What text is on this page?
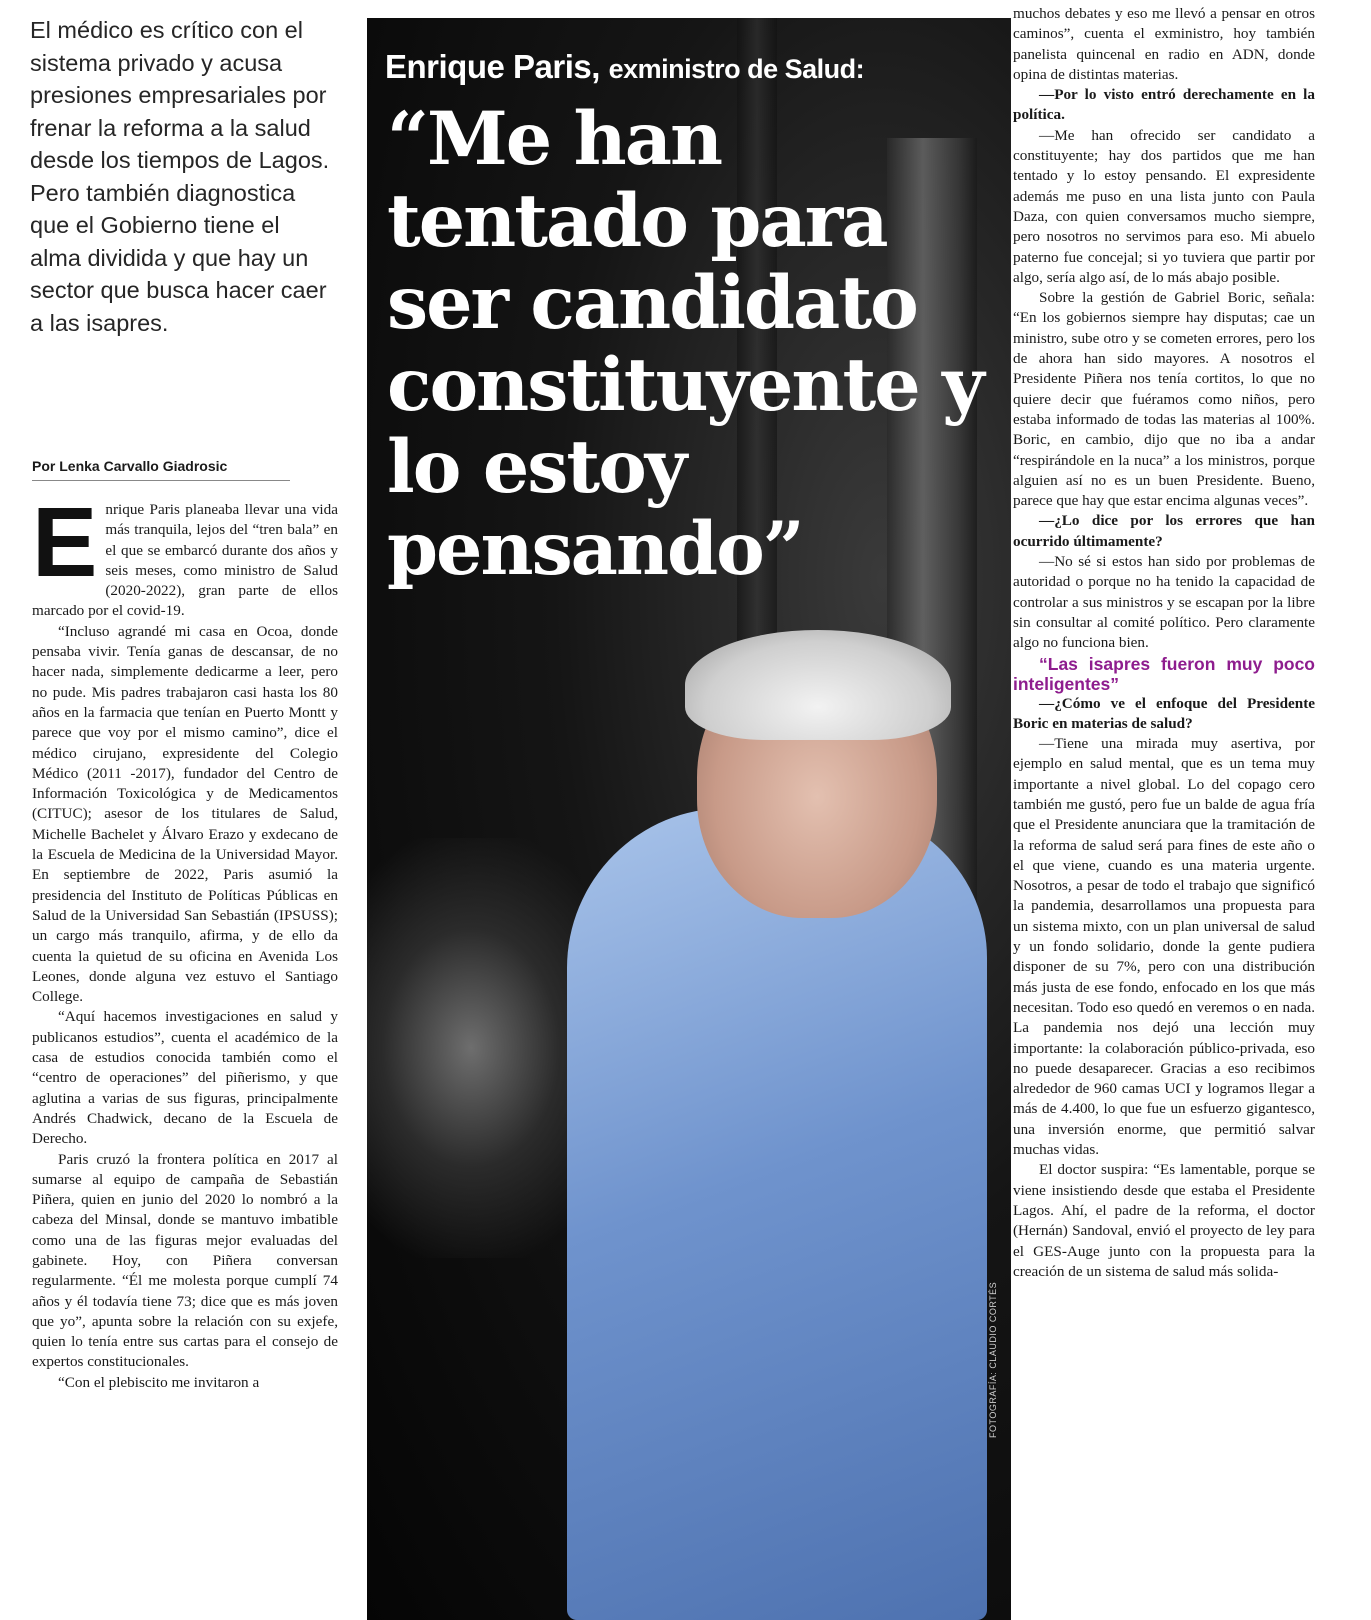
El médico es crítico con el sistema privado y acusa presiones empresariales por frenar la reforma a la salud desde los tiempos de Lagos. Pero también diagnostica que el Gobierno tiene el alma dividida y que hay un sector que busca hacer caer a las isapres.

Por Lenka Carvallo Giadrosic
E nrique Paris planeaba llevar una vida más tranquila, lejos del “tren bala” en el que se embarcó durante dos años y seis meses, como ministro de Salud (2020-2022), gran parte de ellos marcado por el covid-19.

“Incluso agrandé mi casa en Ocoa, donde pensaba vivir. Tenía ganas de descansar, de no hacer nada, simplemente dedicarme a leer, pero no pude. Mis padres trabajaron casi hasta los 80 años en la farmacia que tenían en Puerto Montt y parece que voy por el mismo camino”, dice el médico cirujano, expresidente del Colegio Médico (2011 -2017), fundador del Centro de Información Toxicológica y de Medicamentos (CITUC); asesor de los titulares de Salud, Michelle Bachelet y Álvaro Erazo y exdecano de la Escuela de Medicina de la Universidad Mayor. En septiembre de 2022, Paris asumió la presidencia del Instituto de Políticas Públicas en Salud de la Universidad San Sebastián (IPSUSS); un cargo más tranquilo, afirma, y de ello da cuenta la quietud de su oficina en Avenida Los Leones, donde alguna vez estuvo el Santiago College.

“Aquí hacemos investigaciones en salud y publicanos estudios”, cuenta el académico de la casa de estudios conocida también como el “centro de operaciones” del piñerismo, y que aglutina a varias de sus figuras, principalmente Andrés Chadwick, decano de la Escuela de Derecho.

Paris cruzó la frontera política en 2017 al sumarse al equipo de campaña de Sebastián Piñera, quien en junio del 2020 lo nombró a la cabeza del Minsal, donde se mantuvo imbatible como una de las figuras mejor evaluadas del gabinete. Hoy, con Piñera conversan regularmente. “Él me molesta porque cumplí 74 años y él todavía tiene 73; dice que es más joven que yo”, apunta sobre la relación con su exjefe, quien lo tenía entre sus cartas para el consejo de expertos constitucionales.

“Con el plebiscito me invitaron a	FOTOGRAFÍA: CLAUDIO CORTÉS

Enrique Paris, exministro de Salud:

“Me han tentado para ser candidato constituyente y lo estoy pensando”

muchos debates y eso me llevó a pensar en otros caminos”, cuenta el exministro, hoy también panelista quincenal en radio en ADN, donde opina de distintas materias.

—Por lo visto entró derechamente en la política.

—Me han ofrecido ser candidato a constituyente; hay dos partidos que me han tentado y lo estoy pensando. El expresidente además me puso en una lista junto con Paula Daza, con quien conversamos mucho siempre, pero nosotros no servimos para eso. Mi abuelo paterno fue concejal; si yo tuviera que partir por algo, sería algo así, de lo más abajo posible.

Sobre la gestión de Gabriel Boric, señala: “En los gobiernos siempre hay disputas; cae un ministro, sube otro y se cometen errores, pero los de ahora han sido mayores. A nosotros el Presidente Piñera nos tenía cortitos, lo que no quiere decir que fuéramos como niños, pero estaba informado de todas las materias al 100%. Boric, en cambio, dijo que no iba a andar “respirándole en la nuca” a los ministros, porque alguien así no es un buen Presidente. Bueno, parece que hay que estar encima algunas veces”.

—¿Lo dice por los errores que han ocurrido últimamente?

—No sé si estos han sido por problemas de autoridad o porque no ha tenido la capacidad de controlar a sus ministros y se escapan por la libre sin consultar al comité político. Pero claramente algo no funciona bien.

“Las isapres fueron muy poco inteligentes”

—¿Cómo ve el enfoque del Presidente Boric en materias de salud?

—Tiene una mirada muy asertiva, por ejemplo en salud mental, que es un tema muy importante a nivel global. Lo del copago cero también me gustó, pero fue un balde de agua fría que el Presidente anunciara que la tramitación de la reforma de salud será para fines de este año o el que viene, cuando es una materia urgente. Nosotros, a pesar de todo el trabajo que significó la pandemia, desarrollamos una propuesta para un sistema mixto, con un plan universal de salud y un fondo solidario, donde la gente pudiera disponer de su 7%, pero con una distribución más justa de ese fondo, enfocado en los que más necesitan. Todo eso quedó en veremos o en nada. La pandemia nos dejó una lección muy importante: la colaboración público-privada, eso no puede desaparecer. Gracias a eso recibimos alrededor de 960 camas UCI y logramos llegar a más de 4.400, lo que fue un esfuerzo gigantesco, una inversión enorme, que permitió salvar muchas vidas.

El doctor suspira: “Es lamentable, porque se viene insistiendo desde que estaba el Presidente Lagos. Ahí, el padre de la reforma, el doctor (Hernán) Sandoval, envió el proyecto de ley para el GES-Auge junto con la propuesta para la creación de un sistema de salud más solida-
